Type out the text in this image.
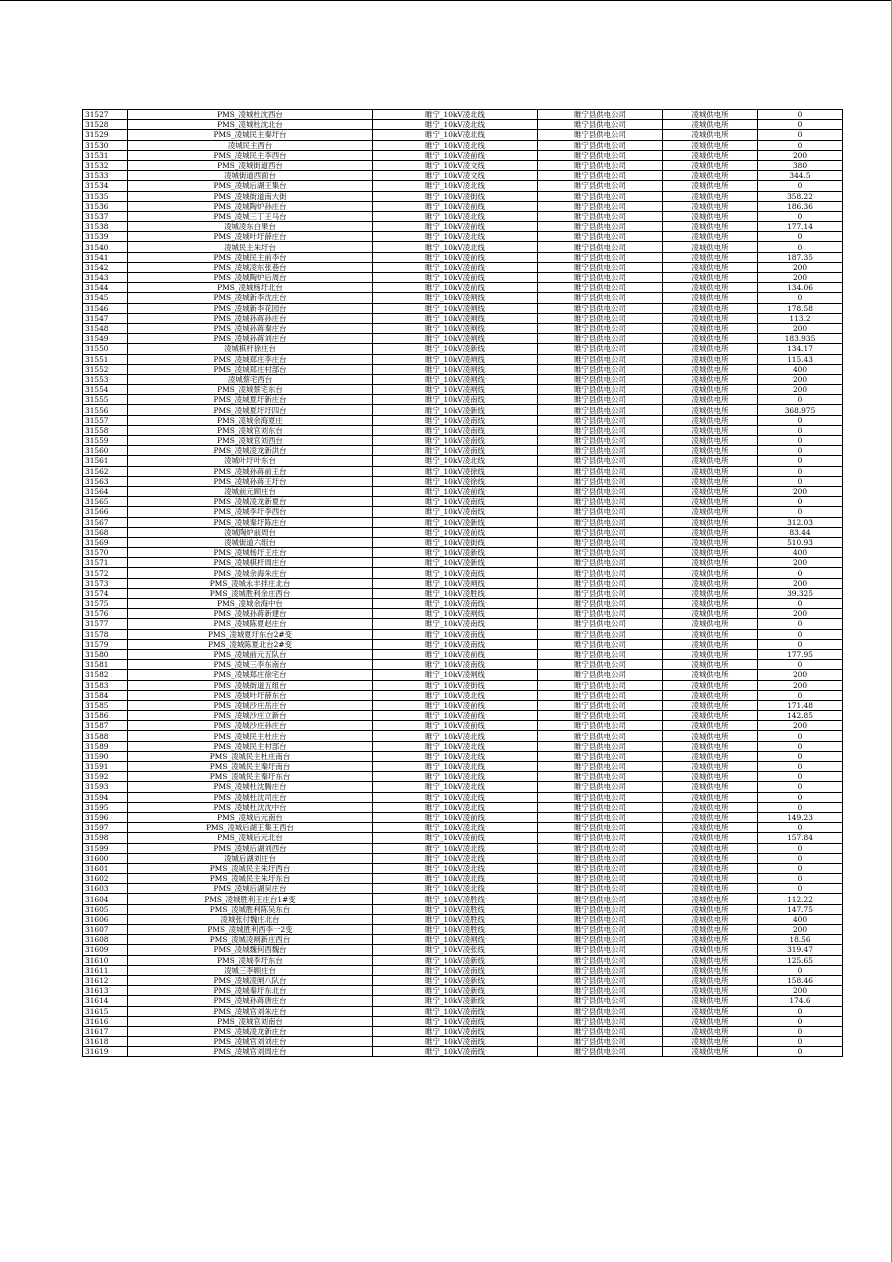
31527	PMS_凌城杜沈西台	睢宁_10kV凌北线	睢宁县供电公司	凌城供电所	0
31528	PMS_凌城杜沈北台	睢宁_10kV凌北线	睢宁县供电公司	凌城供电所	0
31529	PMS_凌城民主秦圩台	睢宁_10kV凌北线	睢宁县供电公司	凌城供电所	0
31530	凌城民主西台	睢宁_10kV凌北线	睢宁县供电公司	凌城供电所	0
31531	PMS_凌城民主李西台	睢宁_10kV凌前线	睢宁县供电公司	凌城供电所	200
31532	PMS_凌城街道西台	睢宁_10kV凌文线	睢宁县供电公司	凌城供电所	380
31533	凌城街道西面台	睢宁_10kV凌文线	睢宁县供电公司	凌城供电所	344.5
31534	PMS_凌城后湖王集台	睢宁_10kV凌北线	睢宁县供电公司	凌城供电所	0
31535	PMS_凌城街道南大街	睢宁_10kV凌街线	睢宁县供电公司	凌城供电所	358.22
31536	PMS_凌城陶炉孙庄台	睢宁_10kV凌前线	睢宁县供电公司	凌城供电所	186.36
31537	PMS_凌城三丁王马台	睢宁_10kV凌北线	睢宁县供电公司	凌城供电所	0
31538	凌城凌东白果台	睢宁_10kV凌前线	睢宁县供电公司	凌城供电所	177.14
31539	PMS_凌城叶圩薛庄台	睢宁_10kV凌北线	睢宁县供电公司	凌城供电所	0
31540	凌城民主朱圩台	睢宁_10kV凌北线	睢宁县供电公司	凌城供电所	0
31541	PMS_凌城民主前李台	睢宁_10kV凌前线	睢宁县供电公司	凌城供电所	187.35
31542	PMS_凌城凌东张巷台	睢宁_10kV凌前线	睢宁县供电公司	凌城供电所	200
31543	PMS_凌城陶炉后周台	睢宁_10kV凌前线	睢宁县供电公司	凌城供电所	200
31544	PMS_凌城杨圩北台	睢宁_10kV凌前线	睢宁县供电公司	凌城供电所	134.06
31545	PMS_凌城新李沈庄台	睢宁_10kV凌闸线	睢宁县供电公司	凌城供电所	0
31546	PMS_凌城新李花园台	睢宁_10kV凌闸线	睢宁县供电公司	凌城供电所	178.58
31547	PMS_凌城孙蒋孙庄台	睢宁_10kV凌闸线	睢宁县供电公司	凌城供电所	113.2
31548	PMS_凌城孙蒋秦庄台	睢宁_10kV凌闸线	睢宁县供电公司	凌城供电所	200
31549	PMS_凌城孙蒋刘庄台	睢宁_10kV凌闸线	睢宁县供电公司	凌城供电所	183.935
31550	凌城棋杆徐庄台	睢宁_10kV凌新线	睢宁县供电公司	凌城供电所	134.17
31551	PMS_凌城郑庄李庄台	睢宁_10kV凌闸线	睢宁县供电公司	凌城供电所	115.43
31552	PMS_凌城郑庄村部台	睢宁_10kV凌闸线	睢宁县供电公司	凌城供电所	400
31553	凌城蔡宅西台	睢宁_10kV凌闸线	睢宁县供电公司	凌城供电所	200
31554	PMS_凌城蔡宅东台	睢宁_10kV凌闸线	睢宁县供电公司	凌城供电所	200
31555	PMS_凌城夏圩新庄台	睢宁_10kV凌南线	睢宁县供电公司	凌城供电所	0
31556	PMS_凌城夏圩圩四台	睢宁_10kV凌新线	睢宁县供电公司	凌城供电所	368.975
31557	PMS_凌城余海夏庄	睢宁_10kV凌南线	睢宁县供电公司	凌城供电所	0
31558	PMS_凌城官刘东台	睢宁_10kV凌南线	睢宁县供电公司	凌城供电所	0
31559	PMS_凌城官刘西台	睢宁_10kV凌南线	睢宁县供电公司	凌城供电所	0
31560	PMS_凌城凌龙新洪台	睢宁_10kV凌南线	睢宁县供电公司	凌城供电所	0
31561	凌城叶圩叶东台	睢宁_10kV凌北线	睢宁县供电公司	凌城供电所	0
31562	PMS_凌城孙蒋前王台	睢宁_10kV凌徐线	睢宁县供电公司	凌城供电所	0
31563	PMS_凌城孙蒋王圩台	睢宁_10kV凌徐线	睢宁县供电公司	凌城供电所	0
31564	凌城前元顾庄台	睢宁_10kV凌前线	睢宁县供电公司	凌城供电所	200
31565	PMS_凌城凌龙新夏台	睢宁_10kV凌南线	睢宁县供电公司	凌城供电所	0
31566	PMS_凌城李圩李西台	睢宁_10kV凌南线	睢宁县供电公司	凌城供电所	0
31567	PMS_凌城秦圩陈庄台	睢宁_10kV凌新线	睢宁县供电公司	凌城供电所	312.03
31568	凌城陶炉前周台	睢宁_10kV凌前线	睢宁县供电公司	凌城供电所	83.44
31569	凌城街道六组台	睢宁_10kV凌街线	睢宁县供电公司	凌城供电所	510.93
31570	PMS_凌城杨圩王庄台	睢宁_10kV凌新线	睢宁县供电公司	凌城供电所	400
31571	PMS_凌城棋杆周庄台	睢宁_10kV凌新线	睢宁县供电公司	凌城供电所	200
31572	PMS_凌城余海朱庄台	睢宁_10kV凌南线	睢宁县供电公司	凌城供电所	0
31573	PMS_凌城永丰拌庄北台	睢宁_10kV凌闸线	睢宁县供电公司	凌城供电所	200
31574	PMS_凌城胜利余庄西台	睢宁_10kV凌胜线	睢宁县供电公司	凌城供电所	39.325
31575	PMS_凌城余海中台	睢宁_10kV凌南线	睢宁县供电公司	凌城供电所	0
31576	PMS_凌城孙蒋新建台	睢宁_10kV凌闸线	睢宁县供电公司	凌城供电所	200
31577	PMS_凌城陈夏赵庄台	睢宁_10kV凌南线	睢宁县供电公司	凌城供电所	0
31578	PMS_凌城夏圩东台2#变	睢宁_10kV凌南线	睢宁县供电公司	凌城供电所	0
31579	PMS_凌城陈夏北台2#变	睢宁_10kV凌南线	睢宁县供电公司	凌城供电所	0
31580	PMS_凌城前元五队台	睢宁_10kV凌前线	睢宁县供电公司	凌城供电所	177.95
31581	PMS_凌城三李东南台	睢宁_10kV凌南线	睢宁县供电公司	凌城供电所	0
31582	PMS_凌城郑庄徐宅台	睢宁_10kV凌闸线	睢宁县供电公司	凌城供电所	200
31583	PMS_凌城街道五组台	睢宁_10kV凌街线	睢宁县供电公司	凌城供电所	200
31584	PMS_凌城叶圩薛东台	睢宁_10kV凌北线	睢宁县供电公司	凌城供电所	0
31585	PMS_凌城沙庄岳庄台	睢宁_10kV凌前线	睢宁县供电公司	凌城供电所	171.48
31586	PMS_凌城沙庄立新台	睢宁_10kV凌前线	睢宁县供电公司	凌城供电所	142.85
31587	PMS_凌城沙庄孙庄台	睢宁_10kV凌前线	睢宁县供电公司	凌城供电所	200
31588	PMS_凌城民主杜庄台	睢宁_10kV凌北线	睢宁县供电公司	凌城供电所	0
31589	PMS_凌城民主村部台	睢宁_10kV凌北线	睢宁县供电公司	凌城供电所	0
31590	PMS_凌城民主杜庄南台	睢宁_10kV凌北线	睢宁县供电公司	凌城供电所	0
31591	PMS_凌城民主秦圩南台	睢宁_10kV凌北线	睢宁县供电公司	凌城供电所	0
31592	PMS_凌城民主秦圩东台	睢宁_10kV凌北线	睢宁县供电公司	凌城供电所	0
31593	PMS_凌城杜沈腾庄台	睢宁_10kV凌北线	睢宁县供电公司	凌城供电所	0
31594	PMS_凌城杜沈司庄台	睢宁_10kV凌北线	睢宁县供电公司	凌城供电所	0
31595	PMS_凌城杜沈沈中台	睢宁_10kV凌北线	睢宁县供电公司	凌城供电所	0
31596	PMS_凌城后元南台	睢宁_10kV凌前线	睢宁县供电公司	凌城供电所	149.23
31597	PMS_凌城后湖王集王西台	睢宁_10kV凌北线	睢宁县供电公司	凌城供电所	0
31598	PMS_凌城后元北台	睢宁_10kV凌前线	睢宁县供电公司	凌城供电所	157.84
31599	PMS_凌城后湖刘西台	睢宁_10kV凌北线	睢宁县供电公司	凌城供电所	0
31600	凌城后湖刘庄台	睢宁_10kV凌北线	睢宁县供电公司	凌城供电所	0
31601	PMS_凌城民主朱圩西台	睢宁_10kV凌北线	睢宁县供电公司	凌城供电所	0
31602	PMS_凌城民主朱圩东台	睢宁_10kV凌北线	睢宁县供电公司	凌城供电所	0
31603	PMS_凌城后湖吴庄台	睢宁_10kV凌北线	睢宁县供电公司	凌城供电所	0
31604	PMS_凌城胜利王庄台1#变	睢宁_10kV凌胜线	睢宁县供电公司	凌城供电所	112.22
31605	PMS_凌城胜利陈吴东台	睢宁_10kV凌胜线	睢宁县供电公司	凌城供电所	147.75
31606	凌城张付魏庄北台	睢宁_10kV凌胜线	睢宁县供电公司	凌城供电所	400
31607	PMS_凌城胜利西李一2变	睢宁_10kV凌胜线	睢宁县供电公司	凌城供电所	200
31608	PMS_凌城凌闸新庄西台	睢宁_10kV凌闸线	睢宁县供电公司	凌城供电所	18.56
31609	PMS_凌城魏何西魏台	睢宁_10kV凌张线	睢宁县供电公司	凌城供电所	319.47
31610	PMS_凌城李圩东台	睢宁_10kV凌新线	睢宁县供电公司	凌城供电所	125.65
31611	凌城三李顾庄台	睢宁_10kV凌南线	睢宁县供电公司	凌城供电所	0
31612	PMS_凌城凌闸八队台	睢宁_10kV凌新线	睢宁县供电公司	凌城供电所	158.46
31613	PMS_凌城秦圩东北台	睢宁_10kV凌新线	睢宁县供电公司	凌城供电所	200
31614	PMS_凌城孙蒋唐庄台	睢宁_10kV凌新线	睢宁县供电公司	凌城供电所	174.6
31615	PMS_凌城官刘朱庄台	睢宁_10kV凌南线	睢宁县供电公司	凌城供电所	0
31616	PMS_凌城官刘南台	睢宁_10kV凌南线	睢宁县供电公司	凌城供电所	0
31617	PMS_凌城凌龙新庄台	睢宁_10kV凌南线	睢宁县供电公司	凌城供电所	0
31618	PMS_凌城官刘刘庄台	睢宁_10kV凌南线	睢宁县供电公司	凌城供电所	0
31619	PMS_凌城官刘周庄台	睢宁_10kV凌南线	睢宁县供电公司	凌城供电所	0
